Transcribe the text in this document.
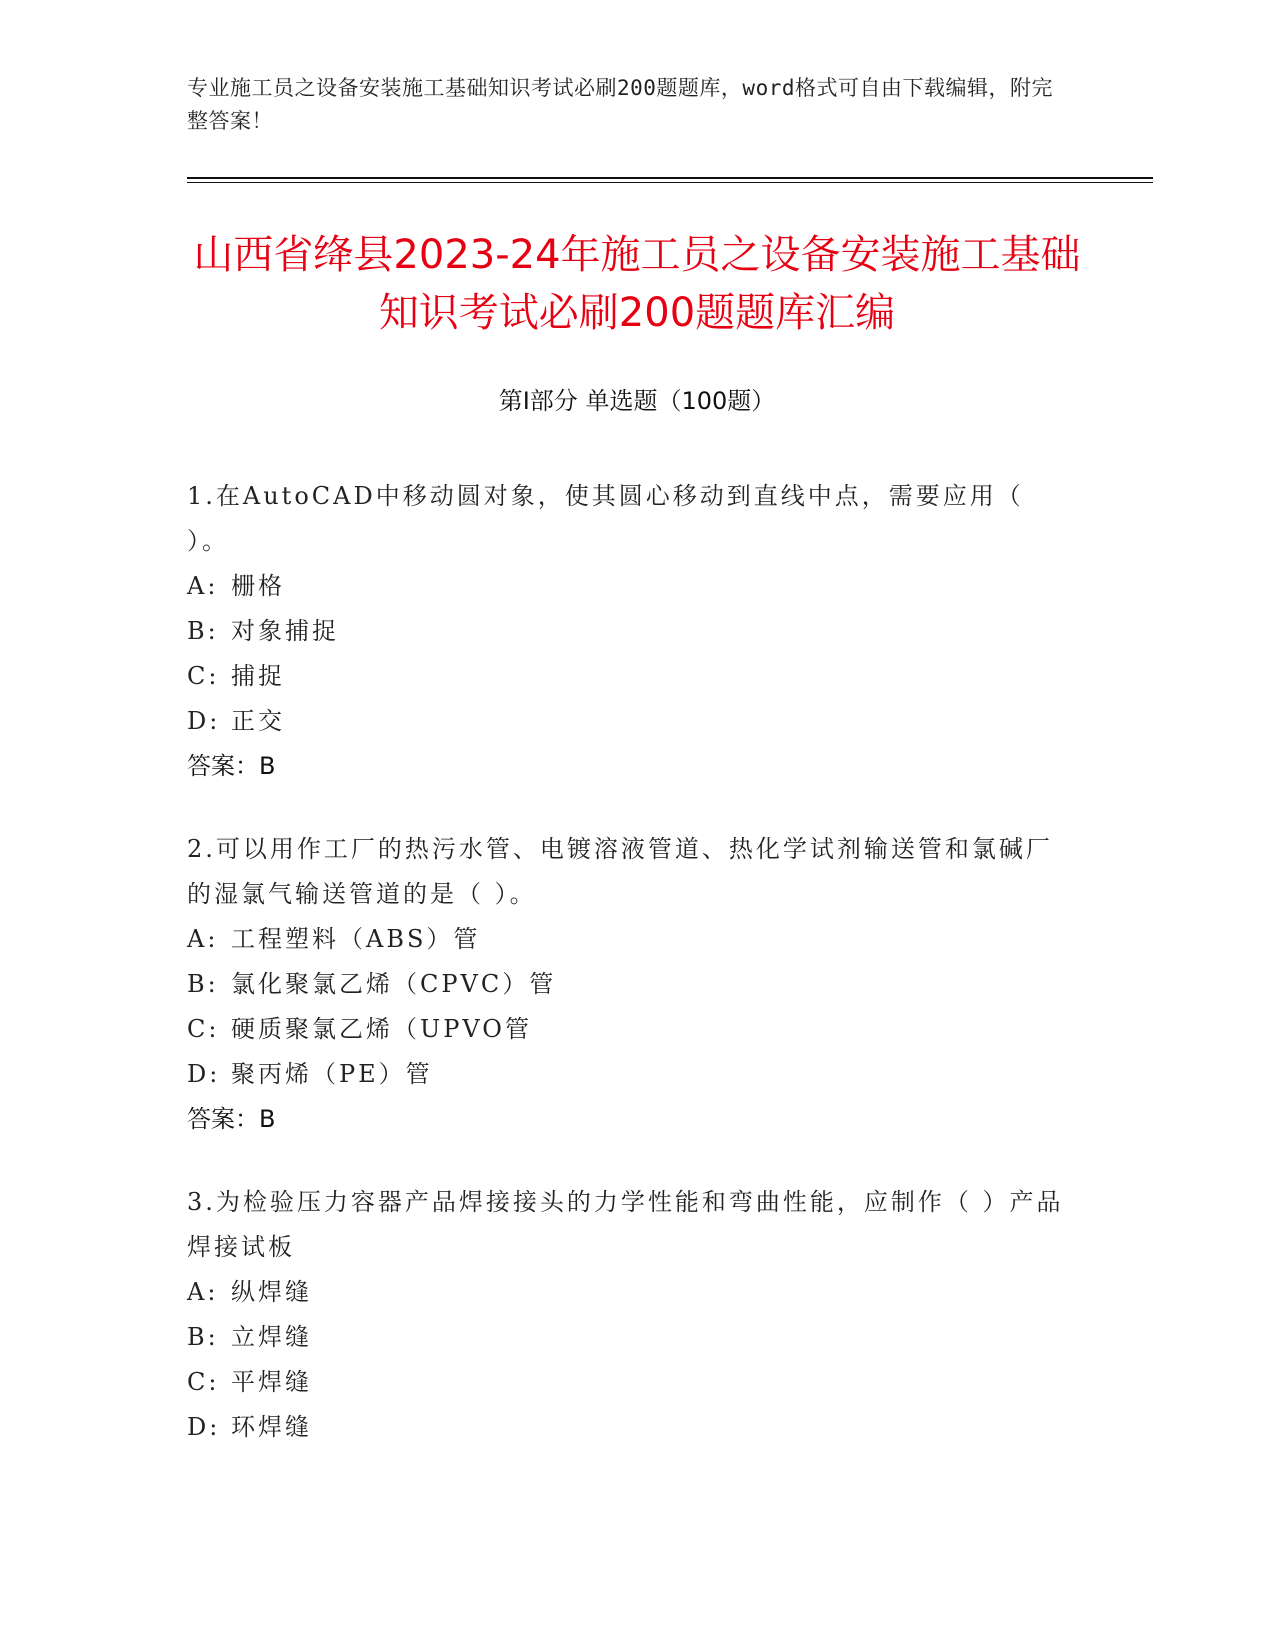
专业施工员之设备安装施工基础知识考试必刷200题题库，word格式可自由下载编辑，附完整答案！
山西省绛县2023-24年施工员之设备安装施工基础知识考试必刷200题题库汇编
第Ⅰ部分 单选题（100题）
1.在AutoCAD中移动圆对象，使其圆心移动到直线中点，需要应用（ ）。
A: 栅格
B: 对象捕捉
C: 捕捉
D: 正交
答案：B
2.可以用作工厂的热污水管、电镀溶液管道、热化学试剂输送管和氯碱厂的湿氯气输送管道的是（ ）。
A: 工程塑料（ABS）管
B: 氯化聚氯乙烯（CPVC）管
C: 硬质聚氯乙烯（UPVO管
D: 聚丙烯（PE）管
答案：B
3.为检验压力容器产品焊接接头的力学性能和弯曲性能，应制作（ ）产品焊接试板
A: 纵焊缝
B: 立焊缝
C: 平焊缝
D: 环焊缝
